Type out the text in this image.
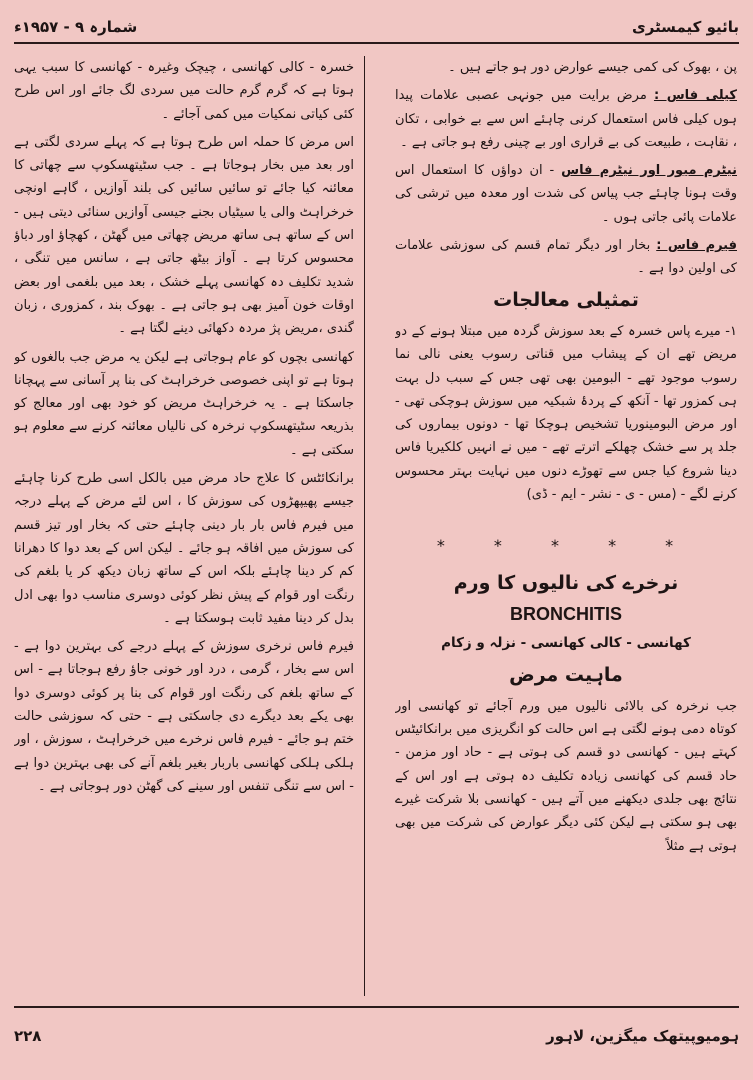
بائیو کیمسٹری
شمارہ ۹ - ۱۹۵۷ء

پن ، بھوک کی کمی جیسے عوارض دور ہو جاتے ہیں ۔

کیلی فاس : مرض برایت میں جونہی عصبی علامات پیدا ہوں کیلی فاس استعمال کرنی چاہئے اس سے بے خوابی ، تکان ، نقاہت ، طبیعت کی بے قراری اور بے چینی رفع ہو جاتی ہے ۔

نیٹرم میور اور نیٹرم فاس - ان دواؤں کا استعمال اس وقت ہونا چاہئے جب پیاس کی شدت اور معدہ میں ترشی کی علامات پائی جاتی ہوں ۔

فیرم فاس : بخار اور دیگر تمام قسم کی سوزشی علامات کی اولین دوا ہے ۔

تمثیلی معالجات

۱- میرے پاس خسرہ کے بعد سوزش گردہ میں مبتلا ہونے کے دو مریض تھے ان کے پیشاب میں قناتی رسوب یعنی نالی نما رسوب موجود تھے - البومین بھی تھی جس کے سبب دل بہت ہی کمزور تھا - آنکھ کے پردۂ شبکیہ میں سوزش ہوچکی تھی - اور مرض البومینوریا تشخیص ہوچکا تھا - دونوں بیماروں کی جلد پر سے خشک چھلکے اترتے تھے - میں نے انہیں کلکیریا فاس دینا شروع کیا جس سے تھوڑے دنوں میں نہایت بہتر محسوس کرنے لگے - (مس - ی - نشر - ایم - ڈی)

* * * * *
نرخرے کی نالیوں کا ورم
BRONCHITIS
کھانسی - کالی کھانسی - نزلہ و زکام
ماہیت مرض

جب نرخرہ کی بالائی نالیوں میں ورم آجائے تو کھانسی اور کوتاہ دمی ہونے لگتی ہے اس حالت کو انگریزی میں برانکائیٹس کہتے ہیں - کھانسی دو قسم کی ہوتی ہے - حاد اور مزمن - حاد قسم کی کھانسی زیادہ تکلیف دہ ہوتی ہے اور اس کے نتائج بھی جلدی دیکھنے میں آتے ہیں - کھانسی بلا شرکت غیرے بھی ہو سکتی ہے لیکن کئی دیگر عوارض کی شرکت میں بھی ہوتی ہے مثلاً

خسرہ - کالی کھانسی ، چیچک وغیرہ - کھانسی کا سبب یہی ہوتا ہے کہ گرم گرم حالت میں سردی لگ جائے اور اس طرح کئی کیاتی نمکیات میں کمی آجائے ۔

اس مرض کا حملہ اس طرح ہوتا ہے کہ پہلے سردی لگتی ہے اور بعد میں بخار ہوجاتا ہے ۔ جب سٹیتھسکوپ سے چھاتی کا معائنہ کیا جائے تو سائیں سائیں کی بلند آوازیں ، گاہے اونچی خرخراہٹ والی یا سیٹیاں بجنے جیسی آوازیں سنائی دیتی ہیں - اس کے ساتھ ہی ساتھ مریض چھاتی میں گھٹن ، کھچاؤ اور دباؤ محسوس کرتا ہے ۔ آواز بیٹھ جاتی ہے ، سانس میں تنگی ، شدید تکلیف دہ کھانسی پہلے خشک ، بعد میں بلغمی اور بعض اوقات خون آمیز بھی ہو جاتی ہے ۔ بھوک بند ، کمزوری ، زبان گندی ،مریض پژ مردہ دکھائی دینے لگتا ہے ۔

کھانسی بچوں کو عام ہوجاتی ہے لیکن یہ مرض جب بالغوں کو ہوتا ہے تو اپنی خصوصی خرخراہٹ کی بنا پر آسانی سے پہچانا جاسکتا ہے ۔ یہ خرخراہٹ مریض کو خود بھی اور معالج کو بذریعہ سٹیتھسکوپ نرخرہ کی نالیاں معائنہ کرنے سے معلوم ہو سکتی ہے ۔

برانکائٹس کا علاج حاد مرض میں بالکل اسی طرح کرنا چاہئے جیسے پھیپھڑوں کی سوزش کا ، اس لئے مرض کے پہلے درجہ میں فیرم فاس بار بار دینی چاہئے حتی کہ بخار اور تیز قسم کی سوزش میں افاقہ ہو جائے ۔ لیکن اس کے بعد دوا کا دھرانا کم کر دینا چاہئے بلکہ اس کے ساتھ زبان دیکھ کر یا بلغم کی رنگت اور قوام کے پیش نظر کوئی دوسری مناسب دوا بھی ادل بدل کر دینا مفید ثابت ہوسکتا ہے ۔

فیرم فاس نرخری سوزش کے پہلے درجے کی بہترین دوا ہے - اس سے بخار ، گرمی ، درد اور خونی جاؤ رفع ہوجاتا ہے - اس کے ساتھ بلغم کی رنگت اور قوام کی بنا پر کوئی دوسری دوا بھی یکے بعد دیگرے دی جاسکتی ہے - حتی کہ سوزشی حالت ختم ہو جائے - فیرم فاس نرخرے میں خرخراہٹ ، سوزش ، اور ہلکی ہلکی کھانسی باربار بغیر بلغم آنے کی بھی بہترین دوا ہے - اس سے تنگی تنفس اور سینے کی گھٹن دور ہوجاتی ہے ۔

ہومیوپیتھک میگزین، لاہور
۲۲۸
